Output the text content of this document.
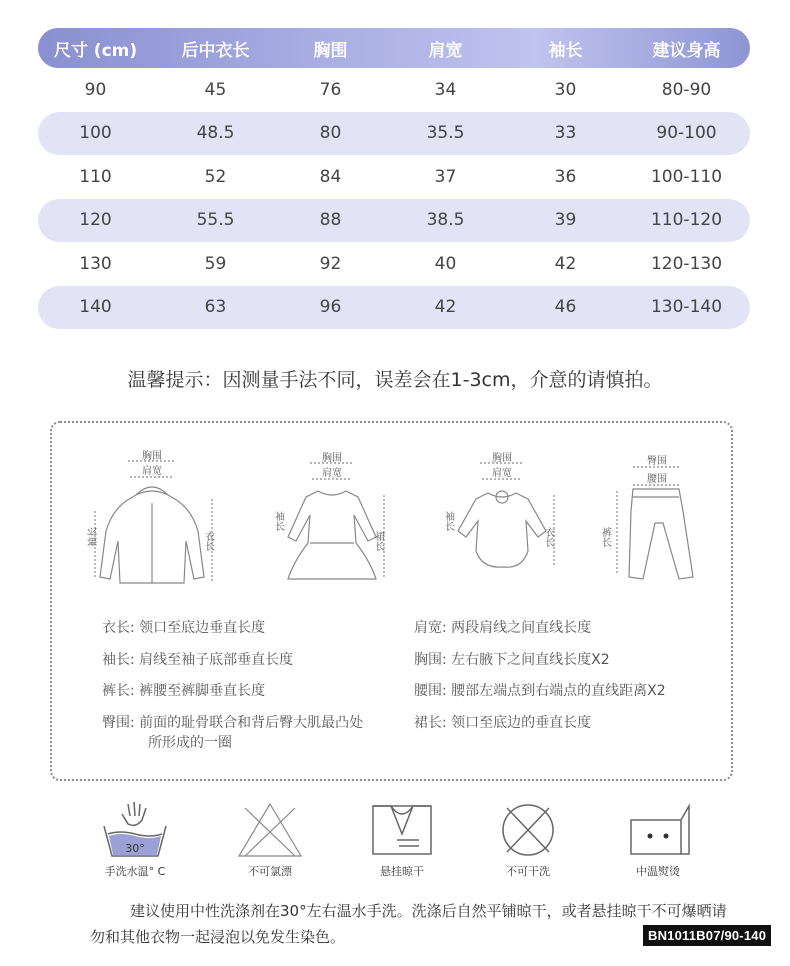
尺寸 (cm)	后中衣长	胸围	肩宽	袖长	建议身高
90	45	76	34	30	80-90
100	48.5	80	35.5	33	90-100
110	52	84	37	36	100-110
120	55.5	88	38.5	39	110-120
130	59	92	40	42	120-130
140	63	96	42	46	130-140
温馨提示：因测量手法不同，误差会在1-3cm，介意的请慎拍。
胸围
肩宽
袖长	衣长
胸围
肩宽
袖长
裙长
胸围
肩宽
袖长
衣长
臀围
腰围
裤长
衣长: 领口至底边垂直长度
袖长: 肩线至袖子底部垂直长度
裤长: 裤腰至裤脚垂直长度
臀围: 前面的耻骨联合和背后臀大肌最凸处
所形成的一圈
肩宽: 两段肩线之间直线长度
胸围: 左右腋下之间直线长度X2
腰围: 腰部左端点到右端点的直线距离X2
裙长: 领口至底边的垂直长度
30°
手洗水温° C	不可氯漂	悬挂晾干	不可干洗	中温熨烫
建议使用中性洗涤剂在30°左右温水手洗。洗涤后自然平铺晾干，或者悬挂晾干不可爆晒请勿和其他衣物一起浸泡以免发生染色。	BN1011B07/90-140
